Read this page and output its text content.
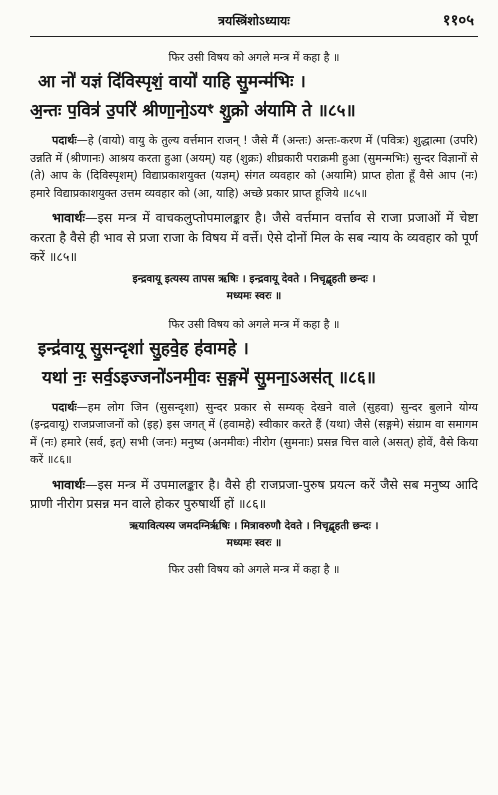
त्रयस्त्रिंशोऽध्यायः	११०५

फिर उसी विषय को अगले मन्त्र में कहा है ॥

आ नो॑ यज्ञं दि॑विस्पृशं॒ वायो॑ याहि सु॒मन्म॑भिः ।

अ॒न्तः प॒वित्र॑ उ॒परि॑ श्रीणा॒नो॒ऽयꣳ शु॒क्रो अ॑यामि ते ॥८५॥

पदार्थः—हे (वायो) वायु के तुल्य वर्त्तमान राजन् ! जैसे मैं (अन्तः) अन्तः-करण में (पवित्रः) शुद्धात्मा (उपरि) उन्नति में (श्रीणानः) आश्रय करता हुआ (अयम्) यह (शुक्रः) शीघ्रकारी पराक्रमी हुआ (सुमन्मभिः) सुन्दर विज्ञानों से (ते) आप के (दिविस्पृशम्) विद्याप्रकाशयुक्त (यज्ञम्) संगत व्यवहार को (अयामि) प्राप्त होता हूँ वैसे आप (नः) हमारे विद्याप्रकाशयुक्त उत्तम व्यवहार को (आ, याहि) अच्छे प्रकार प्राप्त हूजिये ॥८५॥

भावार्थः—इस मन्त्र में वाचकलुप्तोपमालङ्कार है। जैसे वर्त्तमान वर्त्ताव से राजा प्रजाओं में चेष्टा करता है वैसे ही भाव से प्रजा राजा के विषय में वर्त्ते। ऐसे दोनों मिल के सब न्याय के व्यवहार को पूर्ण करें ॥८५॥

इन्द्रवायू इत्यस्य तापस ऋषिः । इन्द्रवायू देवते । निचृद्बृहती छन्दः ।

मध्यमः स्वरः ॥

फिर उसी विषय को अगले मन्त्र में कहा है ॥

इन्द्र॑वायू सु॒सन्दृशा॑ सु॒हवे॒ह ह॑वामहे ।

यथा॑ नः॒ सर्व॒ऽइज्जनो॑ऽनमी॒वः स॒ङ्गमे॑ सु॒मना॒ऽअस॑त् ॥८६॥

पदार्थः—हम लोग जिन (सुसन्दृशा) सुन्दर प्रकार से सम्यक् देखने वाले (सुहवा) सुन्दर बुलाने योग्य (इन्द्रवायू) राजप्रजाजनों को (इह) इस जगत् में (हवामहे) स्वीकार करते हैं (यथा) जैसे (सङ्गमे) संग्राम वा समागम में (नः) हमारे (सर्व, इत्) सभी (जनः) मनुष्य (अनमीवः) नीरोग (सुमनाः) प्रसन्न चित्त वाले (असत्) होवें, वैसे किया करें ॥८६॥

भावार्थः—इस मन्त्र में उपमालङ्कार है। वैसे ही राजप्रजा-पुरुष प्रयत्न करें जैसे सब मनुष्य आदि प्राणी नीरोग प्रसन्न मन वाले होकर पुरुषार्थी हों ॥८६॥

ऋयावित्यस्य जमदग्निर्ऋषिः । मित्रावरुणौ देवते । निचृद्बृहती छन्दः ।

मध्यमः स्वरः ॥

फिर उसी विषय को अगले मन्त्र में कहा है ॥
